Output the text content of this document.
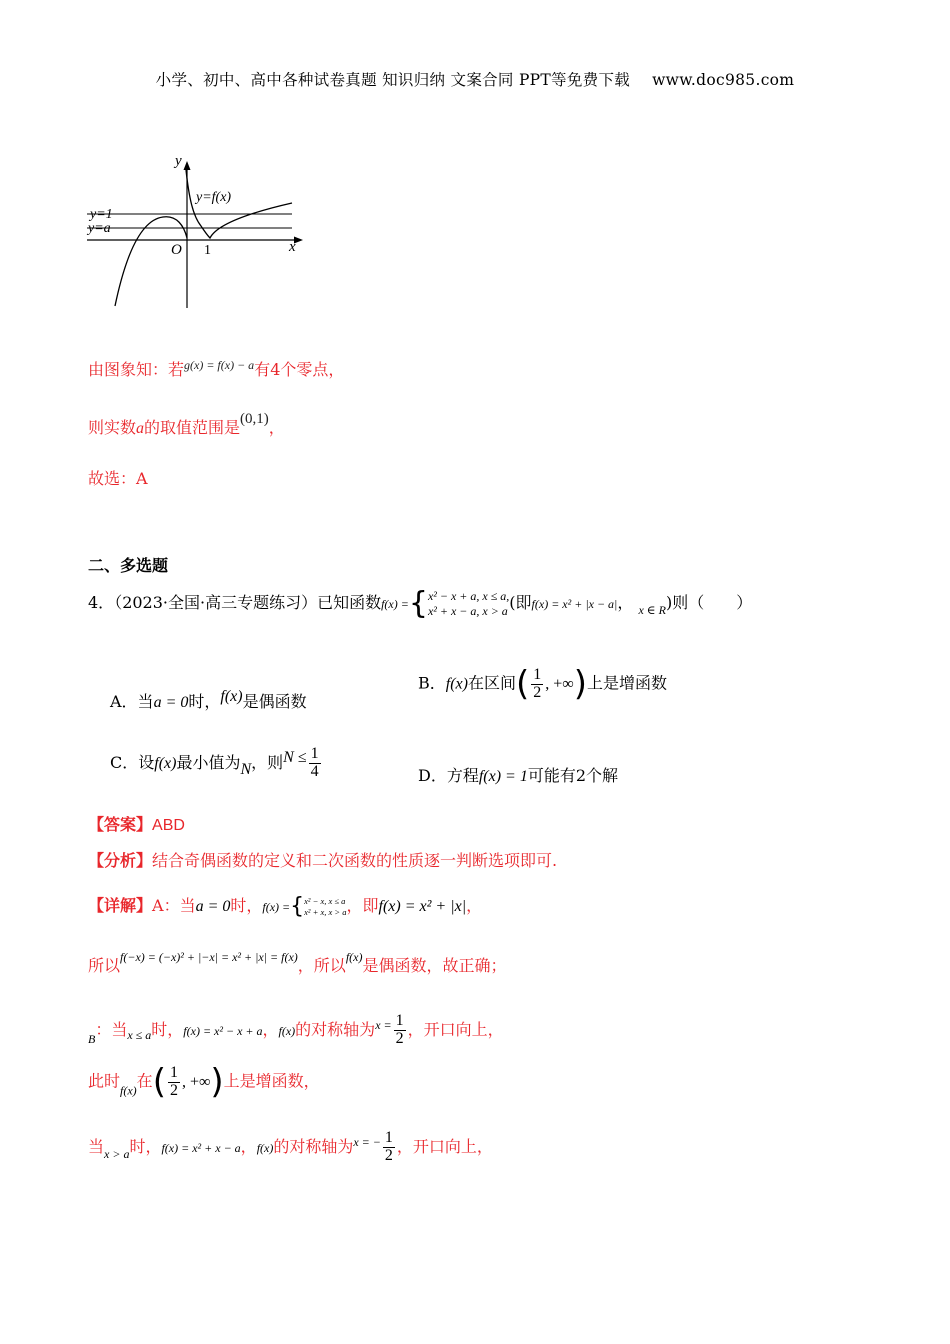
小学、初中、高中各种试卷真题 知识归纳 文案合同 PPT等免费下载 www.doc985.com
y
x
O 1
y=f(x)
y=1
y=a
由图象知：若$^{g(x) = f(x) - a}$有4个零点，
则实数a的取值范围是(0,1)，
故选：A
二、多选题
4．（2023·全国·高三专题练习）已知函数f(x) ={ x² − x + a, x ≤ a,
x² + x − a, x > a (即f(x) = x² + |x − a|， $_{x \in R}$)则（　　）
A．当a = 0时，f(x)是偶函数
B．f(x)在区间( $\frac{1}{2}$ , +∞)上是增函数
C．设f(x)最小值为N，则$N \le \frac{1}{4}$	D．方程f(x) = 1可能有2个解
【答案】ABD
【分析】结合奇偶函数的定义和二次函数的性质逐一判断选项即可.
【详解】A：当a = 0时，f(x) ={ x² − x, x ≤ a
x² + x, x > a ，即f(x) = x² + |x|，
所以$^{f(-x) = (-x)^2 + |-x| = x^2 + |x| = f(x)}$，所以$^{f(x)}$是偶函数，故正确；
$_B$：当$_{x \le a}$时，f(x) = x² − x + a，f(x)的对称轴为$^{x =} \frac{1}{2}$ ，开口向上，
此时$_{f(x)}$在( $\frac{1}{2}$ , +∞)上是增函数，
当$_{x > a}$时，f(x) = x² + x − a，f(x)的对称轴为$^{x = -} \frac{1}{2}$ ，开口向上，
